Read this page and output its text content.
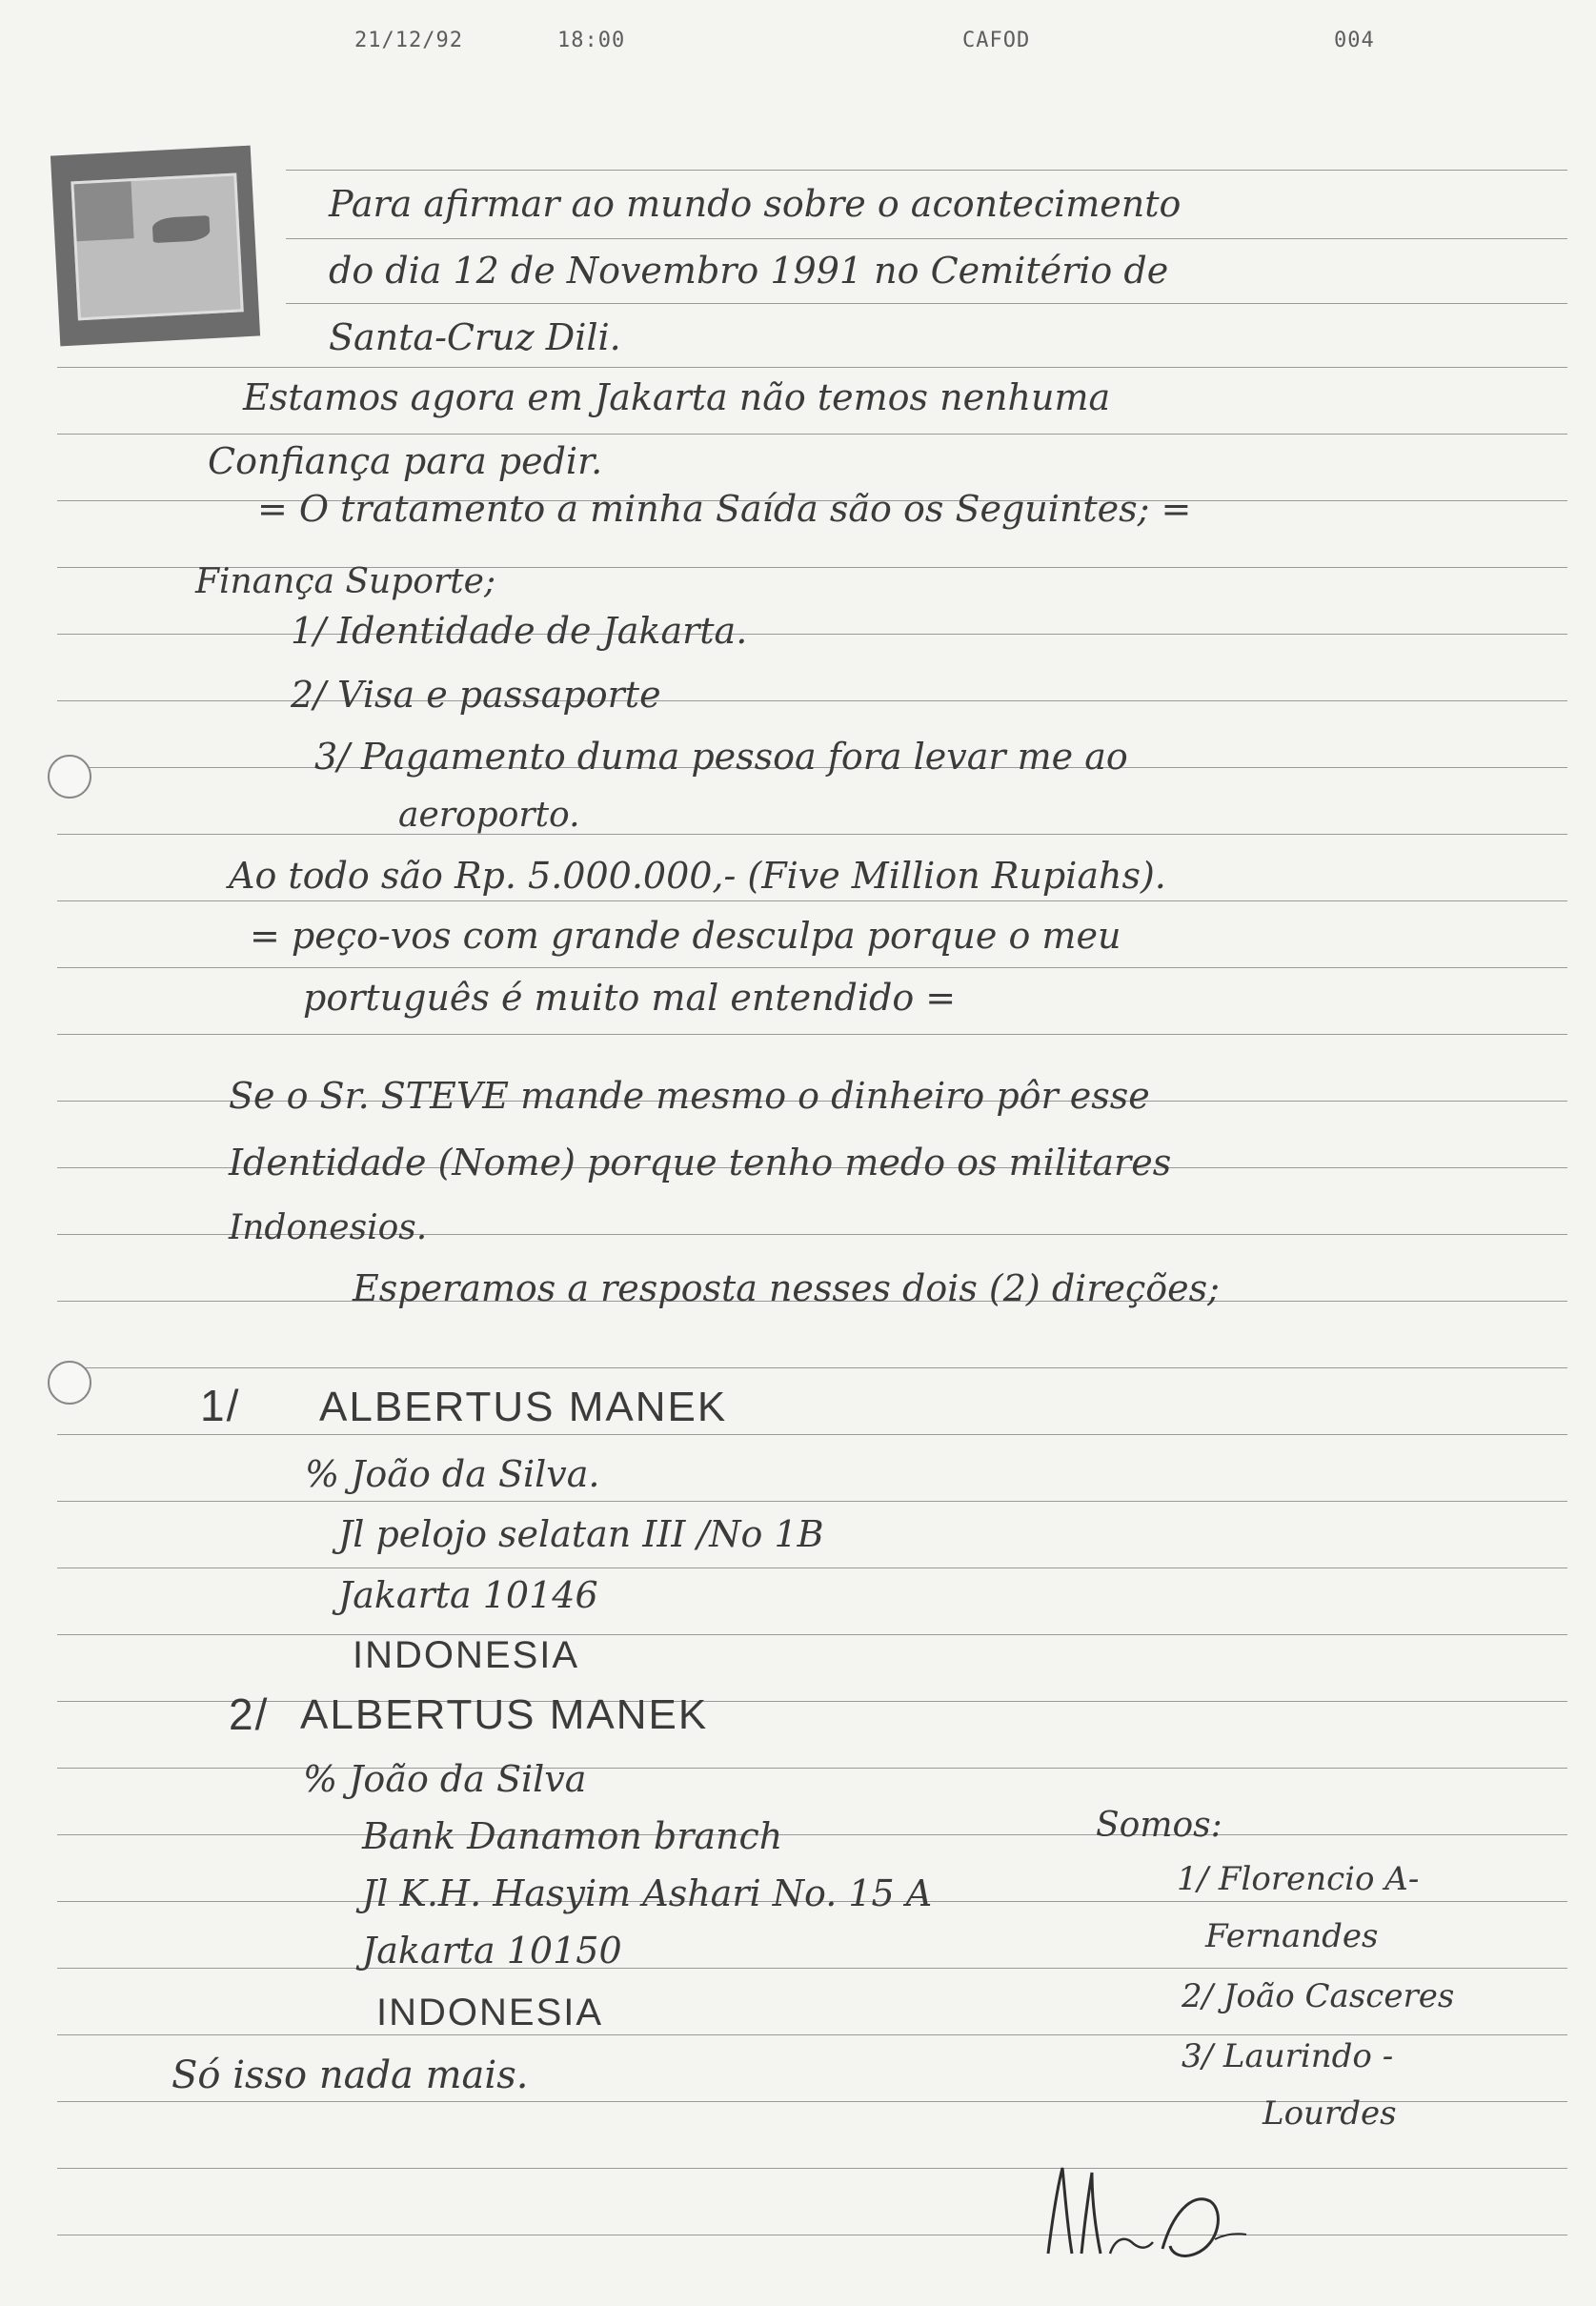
21/12/92	18:00	CAFOD	004
Para afirmar ao mundo sobre o acontecimento
do dia 12 de Novembro 1991 no Cemitério de
Santa-Cruz Dili.
Estamos agora em Jakarta não temos nenhuma
Confiança para pedir.
= O tratamento a minha Saída são os Seguintes; =
Finança Suporte;
1/ Identidade de Jakarta.
2/ Visa e passaporte
3/ Pagamento duma pessoa fora levar me ao
aeroporto.
Ao todo são Rp. 5.000.000,- (Five Million Rupiahs).
= peço-vos com grande desculpa porque o meu
português é muito mal entendido =
Se o Sr. STEVE mande mesmo o dinheiro pôr esse
Identidade (Nome) porque tenho medo os militares
Indonesios.
Esperamos a resposta nesses dois (2) direções;
1/ ALBERTUS MANEK
% João da Silva.
Jl pelojo selatan III /No 1B
Jakarta 10146
INDONESIA
2/ ALBERTUS MANEK
% João da Silva
Bank Danamon branch
Jl K.H. Hasyim Ashari No. 15 A
Jakarta 10150
INDONESIA
Só isso nada mais.
Somos:
1/ Florencio A-
Fernandes
2/ João Casceres
3/ Laurindo -
Lourdes
